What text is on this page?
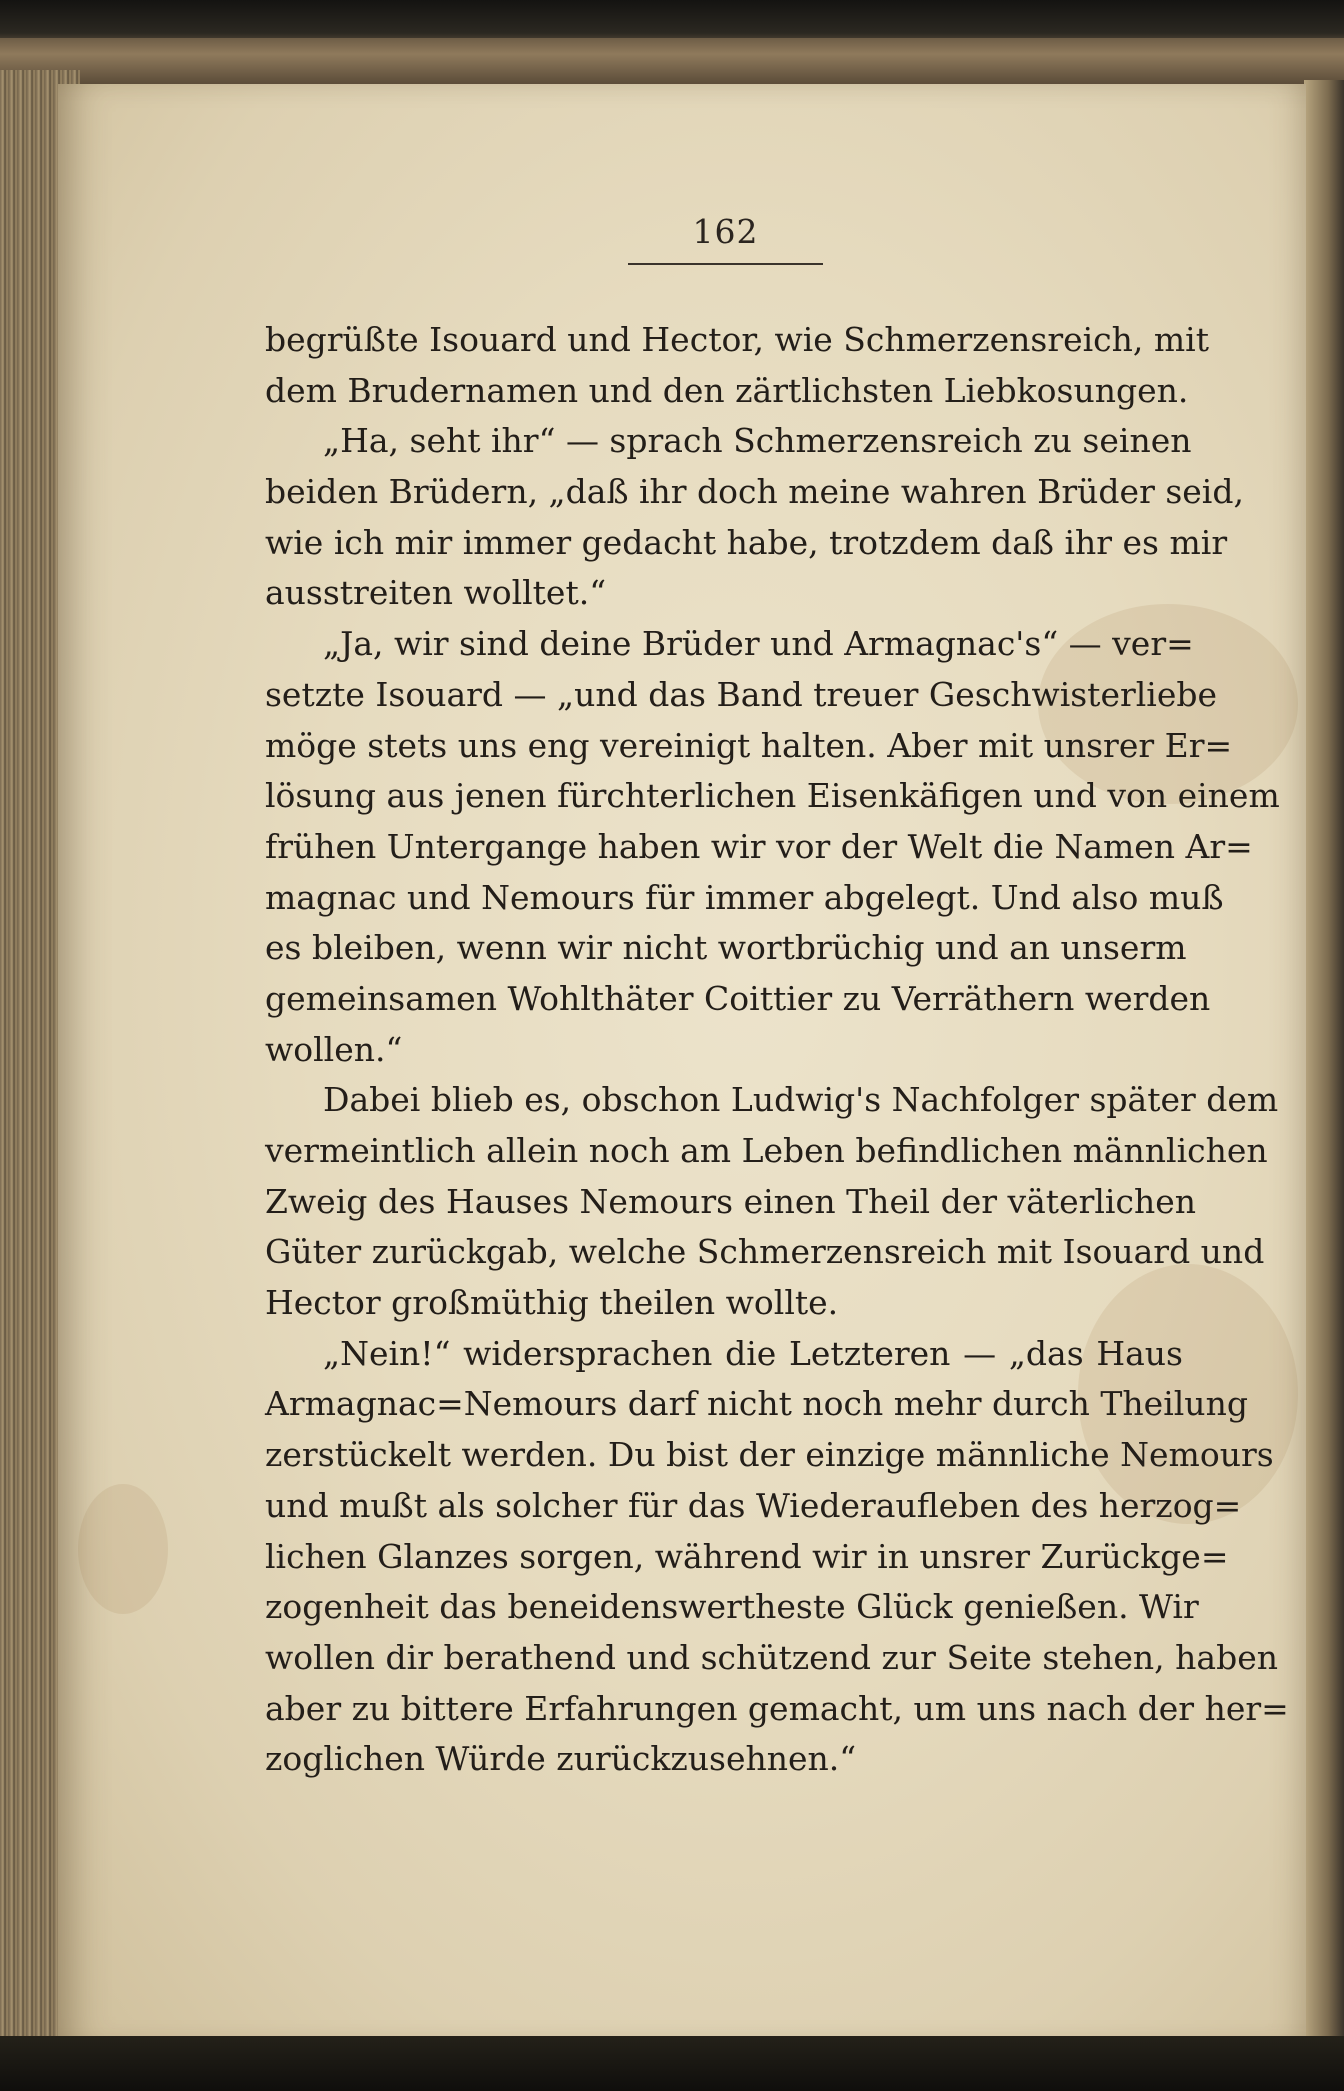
162
begrüßte Isouard und Hector, wie Schmerzensreich, mit
dem Brudernamen und den zärtlichsten Liebkosungen.
„Ha, seht ihr“ — sprach Schmerzensreich zu seinen
beiden Brüdern, „daß ihr doch meine wahren Brüder seid,
wie ich mir immer gedacht habe, trotzdem daß ihr es mir
ausstreiten wolltet.“
„Ja, wir sind deine Brüder und Armagnac's“ — ver=
setzte Isouard — „und das Band treuer Geschwisterliebe
möge stets uns eng vereinigt halten. Aber mit unsrer Er=
lösung aus jenen fürchterlichen Eisenkäfigen und von einem
frühen Untergange haben wir vor der Welt die Namen Ar=
magnac und Nemours für immer abgelegt. Und also muß
es bleiben, wenn wir nicht wortbrüchig und an unserm
gemeinsamen Wohlthäter Coittier zu Verräthern werden
wollen.“
Dabei blieb es, obschon Ludwig's Nachfolger später dem
vermeintlich allein noch am Leben befindlichen männlichen
Zweig des Hauses Nemours einen Theil der väterlichen
Güter zurückgab, welche Schmerzensreich mit Isouard und
Hector großmüthig theilen wollte.
„Nein!“ widersprachen die Letzteren — „das Haus
Armagnac=Nemours darf nicht noch mehr durch Theilung
zerstückelt werden. Du bist der einzige männliche Nemours
und mußt als solcher für das Wiederaufleben des herzog=
lichen Glanzes sorgen, während wir in unsrer Zurückge=
zogenheit das beneidenswertheste Glück genießen. Wir
wollen dir berathend und schützend zur Seite stehen, haben
aber zu bittere Erfahrungen gemacht, um uns nach der her=
zoglichen Würde zurückzusehnen.“
